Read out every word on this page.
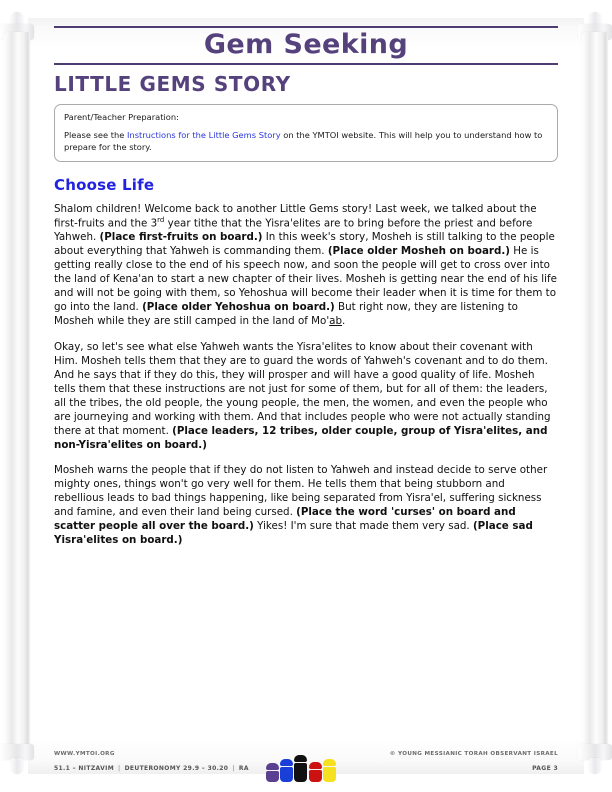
Gem Seeking
LITTLE GEMS STORY
Parent/Teacher Preparation:
Please see the Instructions for the Little Gems Story on the YMTOI website. This will help you to understand how to prepare for the story.
Choose Life
Shalom children! Welcome back to another Little Gems story! Last week, we talked about the first-fruits and the 3rd year tithe that the Yisra'elites are to bring before the priest and before Yahweh. (Place first-fruits on board.) In this week's story, Mosheh is still talking to the people about everything that Yahweh is commanding them. (Place older Mosheh on board.) He is getting really close to the end of his speech now, and soon the people will get to cross over into the land of Kena'an to start a new chapter of their lives. Mosheh is getting near the end of his life and will not be going with them, so Yehoshua will become their leader when it is time for them to go into the land. (Place older Yehoshua on board.) But right now, they are listening to Mosheh while they are still camped in the land of Mo'ab.
Okay, so let's see what else Yahweh wants the Yisra'elites to know about their covenant with Him. Mosheh tells them that they are to guard the words of Yahweh's covenant and to do them. And he says that if they do this, they will prosper and will have a good quality of life. Mosheh tells them that these instructions are not just for some of them, but for all of them: the leaders, all the tribes, the old people, the young people, the men, the women, and even the people who are journeying and working with them. And that includes people who were not actually standing there at that moment. (Place leaders, 12 tribes, older couple, group of Yisra'elites, and non-Yisra'elites on board.)
Mosheh warns the people that if they do not listen to Yahweh and instead decide to serve other mighty ones, things won't go very well for them. He tells them that being stubborn and rebellious leads to bad things happening, like being separated from Yisra'el, suffering sickness and famine, and even their land being cursed. (Place the word 'curses' on board and scatter people all over the board.) Yikes! I'm sure that made them very sad. (Place sad Yisra'elites on board.)
WWW.YMTOI.ORG
51.1 – NITZAVIM | DEUTERONOMY 29.9 – 30.20 | RA
© YOUNG MESSIANIC TORAH OBSERVANT ISRAEL
PAGE 3
